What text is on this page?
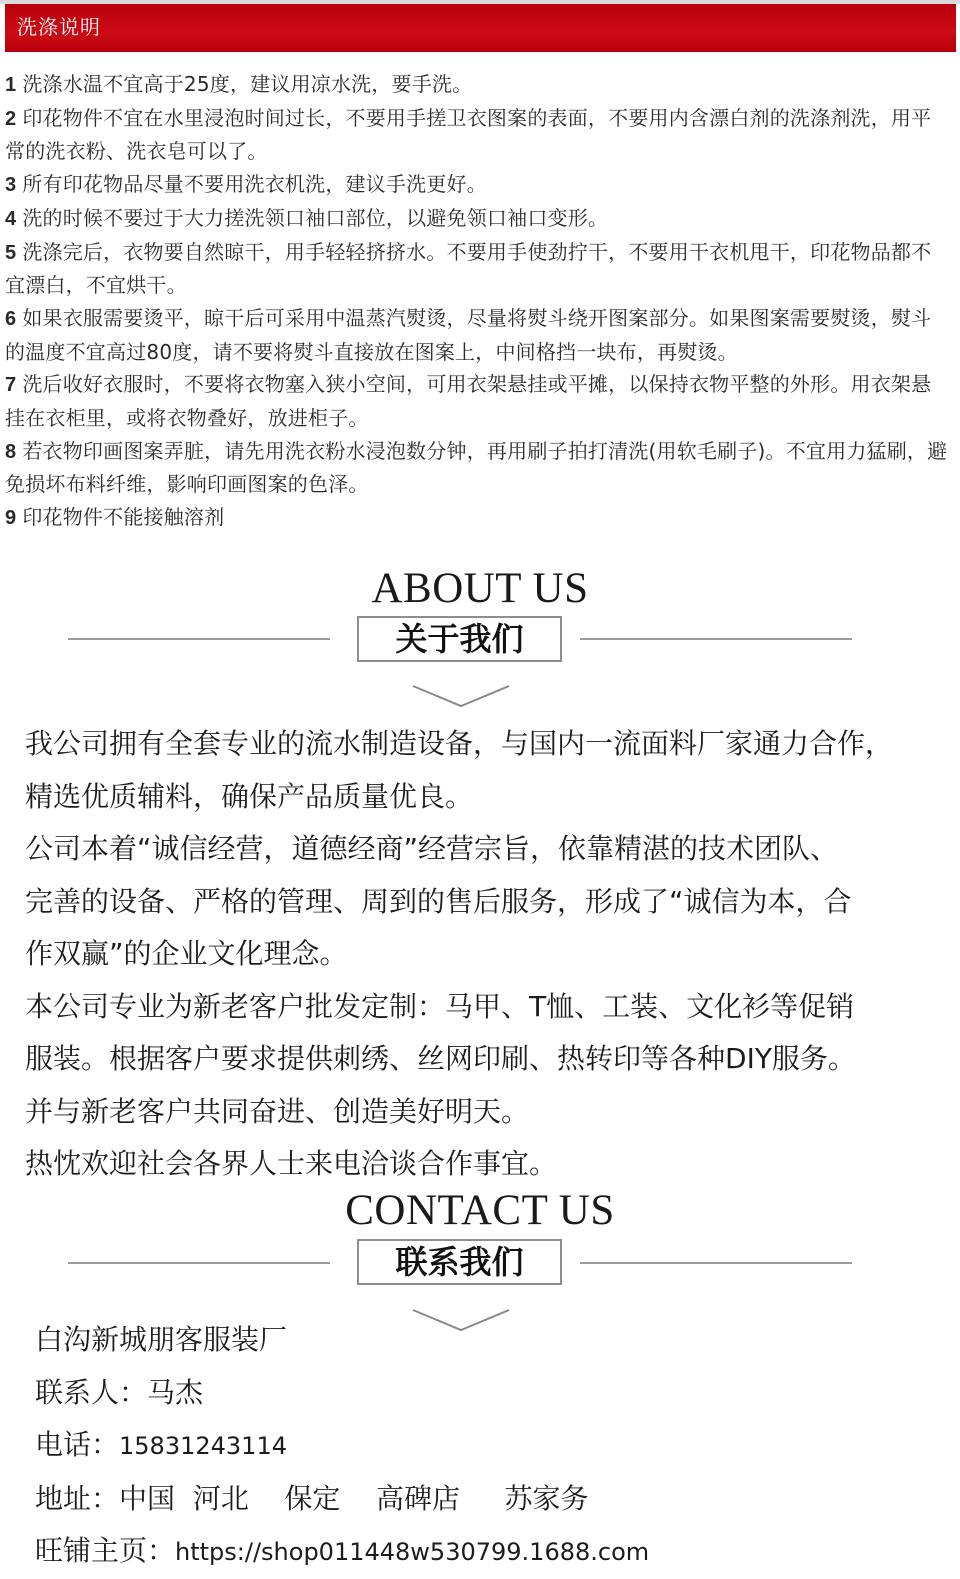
洗涤说明

1 洗涤水温不宜高于25度，建议用凉水洗，要手洗。

2 印花物件不宜在水里浸泡时间过长，不要用手搓卫衣图案的表面，不要用内含漂白剂的洗涤剂洗，用平常的洗衣粉、洗衣皂可以了。

3 所有印花物品尽量不要用洗衣机洗，建议手洗更好。

4 洗的时候不要过于大力搓洗领口袖口部位，以避免领口袖口变形。

5 洗涤完后，衣物要自然晾干，用手轻轻挤挤水。不要用手使劲拧干，不要用干衣机甩干，印花物品都不宜漂白，不宜烘干。

6 如果衣服需要烫平，晾干后可采用中温蒸汽熨烫，尽量将熨斗绕开图案部分。如果图案需要熨烫，熨斗的温度不宜高过80度，请不要将熨斗直接放在图案上，中间格挡一块布，再熨烫。

7 洗后收好衣服时，不要将衣物塞入狭小空间，可用衣架悬挂或平摊，以保持衣物平整的外形。用衣架悬挂在衣柜里，或将衣物叠好，放进柜子。

8 若衣物印画图案弄脏，请先用洗衣粉水浸泡数分钟，再用刷子拍打清洗(用软毛刷子)。不宜用力猛刷，避免损坏布料纤维，影响印画图案的色泽。

9 印花物件不能接触溶剂

ABOUT US
关于我们

我公司拥有全套专业的流水制造设备，与国内一流面料厂家通力合作，

精选优质辅料，确保产品质量优良。

公司本着“诚信经营，道德经商”经营宗旨，依靠精湛的技术团队、

完善的设备、严格的管理、周到的售后服务，形成了“诚信为本，合

作双赢”的企业文化理念。

本公司专业为新老客户批发定制：马甲、T恤、工装、文化衫等促销

服装。根据客户要求提供刺绣、丝网印刷、热转印等各种DIY服务。

并与新老客户共同奋进、创造美好明天。

热忱欢迎社会各界人士来电洽谈合作事宜。

CONTACT US
联系我们

白沟新城朋客服装厂

联系人：马杰

电话：15831243114

地址：中国  河北    保定    高碑店     苏家务

旺铺主页：https://shop011448w530799.1688.com
